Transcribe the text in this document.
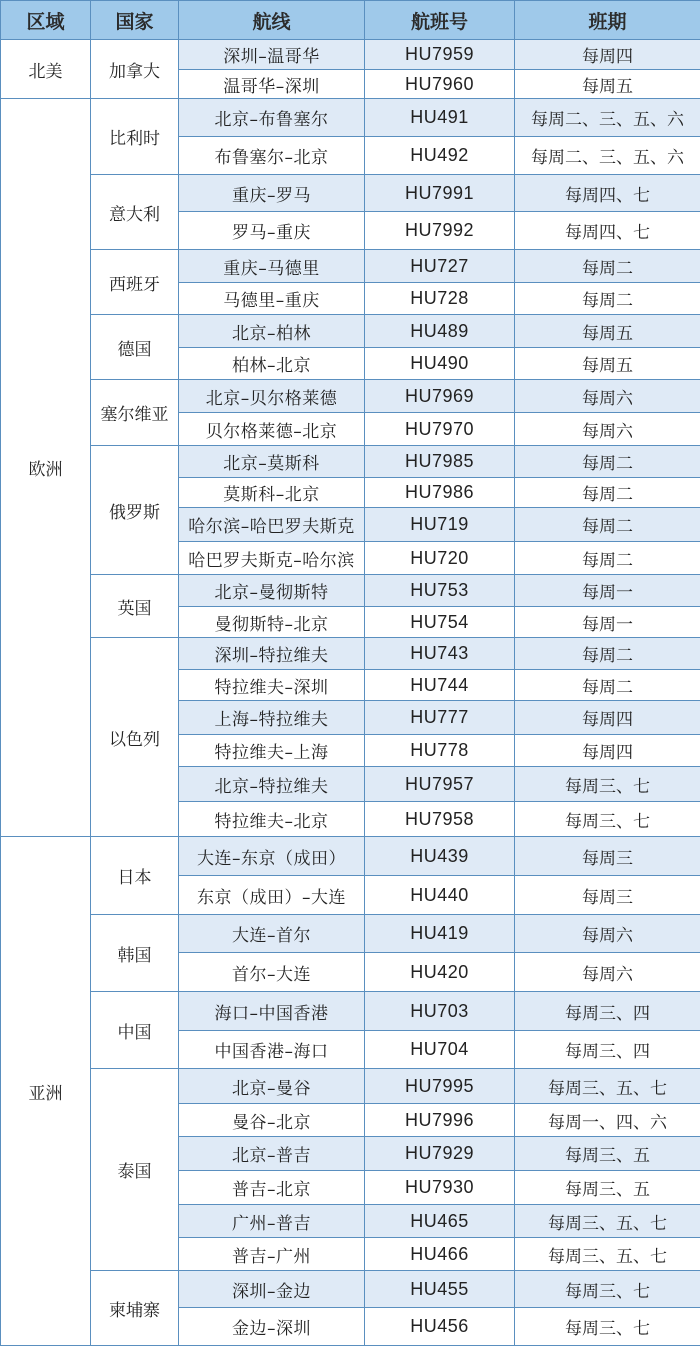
区域	国家	航线	航班号	班期
北美	加拿大	深圳–温哥华	HU7959	每周四
		温哥华–深圳	HU7960	每周五
欧洲	比利时	北京–布鲁塞尔	HU491	每周二、三、五、六
		布鲁塞尔–北京	HU492	每周二、三、五、六
	意大利	重庆–罗马	HU7991	每周四、七
		罗马–重庆	HU7992	每周四、七
	西班牙	重庆–马德里	HU727	每周二
		马德里–重庆	HU728	每周二
	德国	北京–柏林	HU489	每周五
		柏林–北京	HU490	每周五
	塞尔维亚	北京–贝尔格莱德	HU7969	每周六
		贝尔格莱德–北京	HU7970	每周六
	俄罗斯	北京–莫斯科	HU7985	每周二
		莫斯科–北京	HU7986	每周二
		哈尔滨–哈巴罗夫斯克	HU719	每周二
		哈巴罗夫斯克–哈尔滨	HU720	每周二
	英国	北京–曼彻斯特	HU753	每周一
		曼彻斯特–北京	HU754	每周一
	以色列	深圳–特拉维夫	HU743	每周二
		特拉维夫–深圳	HU744	每周二
		上海–特拉维夫	HU777	每周四
		特拉维夫–上海	HU778	每周四
		北京–特拉维夫	HU7957	每周三、七
		特拉维夫–北京	HU7958	每周三、七
亚洲	日本	大连–东京（成田）	HU439	每周三
		东京（成田）–大连	HU440	每周三
	韩国	大连–首尔	HU419	每周六
		首尔–大连	HU420	每周六
	中国	海口–中国香港	HU703	每周三、四
		中国香港–海口	HU704	每周三、四
	泰国	北京–曼谷	HU7995	每周三、五、七
		曼谷–北京	HU7996	每周一、四、六
		北京–普吉	HU7929	每周三、五
		普吉–北京	HU7930	每周三、五
		广州–普吉	HU465	每周三、五、七
		普吉–广州	HU466	每周三、五、七
	柬埔寨	深圳–金边	HU455	每周三、七
		金边–深圳	HU456	每周三、七
